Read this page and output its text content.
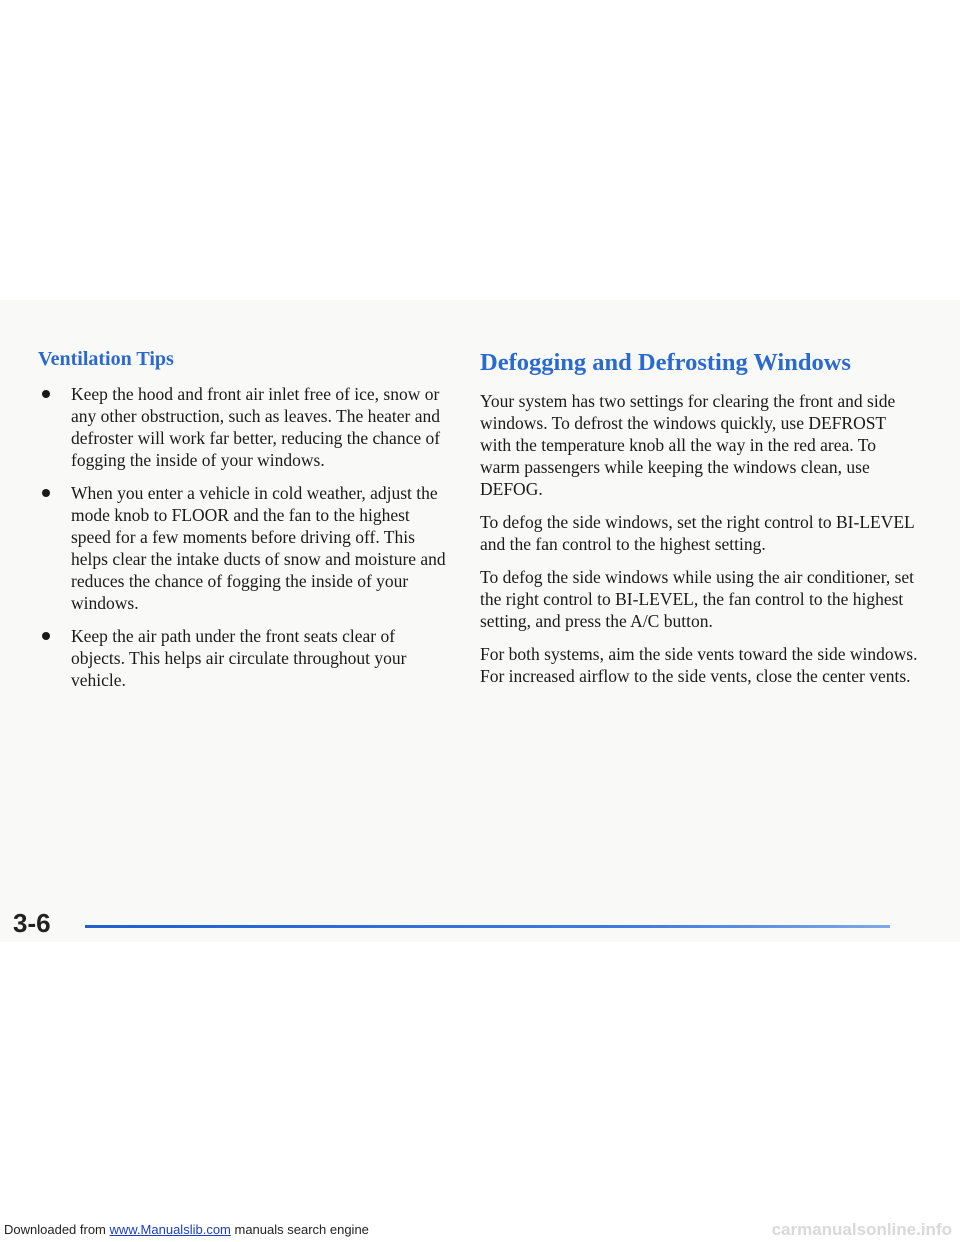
Ventilation Tips
Keep the hood and front air inlet free of ice, snow or any other obstruction, such as leaves. The heater and defroster will work far better, reducing the chance of fogging the inside of your windows.
When you enter a vehicle in cold weather, adjust the mode knob to FLOOR and the fan to the highest speed for a few moments before driving off. This helps clear the intake ducts of snow and moisture and reduces the chance of fogging the inside of your windows.
Keep the air path under the front seats clear of objects. This helps air circulate throughout your vehicle.
Defogging and Defrosting Windows

Your system has two settings for clearing the front and side windows. To defrost the windows quickly, use DEFROST with the temperature knob all the way in the red area. To warm passengers while keeping the windows clean, use DEFOG.

To defog the side windows, set the right control to BI-LEVEL and the fan control to the highest setting.

To defog the side windows while using the air conditioner, set the right control to BI-LEVEL, the fan control to the highest setting, and press the A/C button.

For both systems, aim the side vents toward the side windows. For increased airflow to the side vents, close the center vents.

3-6
Downloaded from www.Manualslib.com manuals search engine	carmanualsonline.info
